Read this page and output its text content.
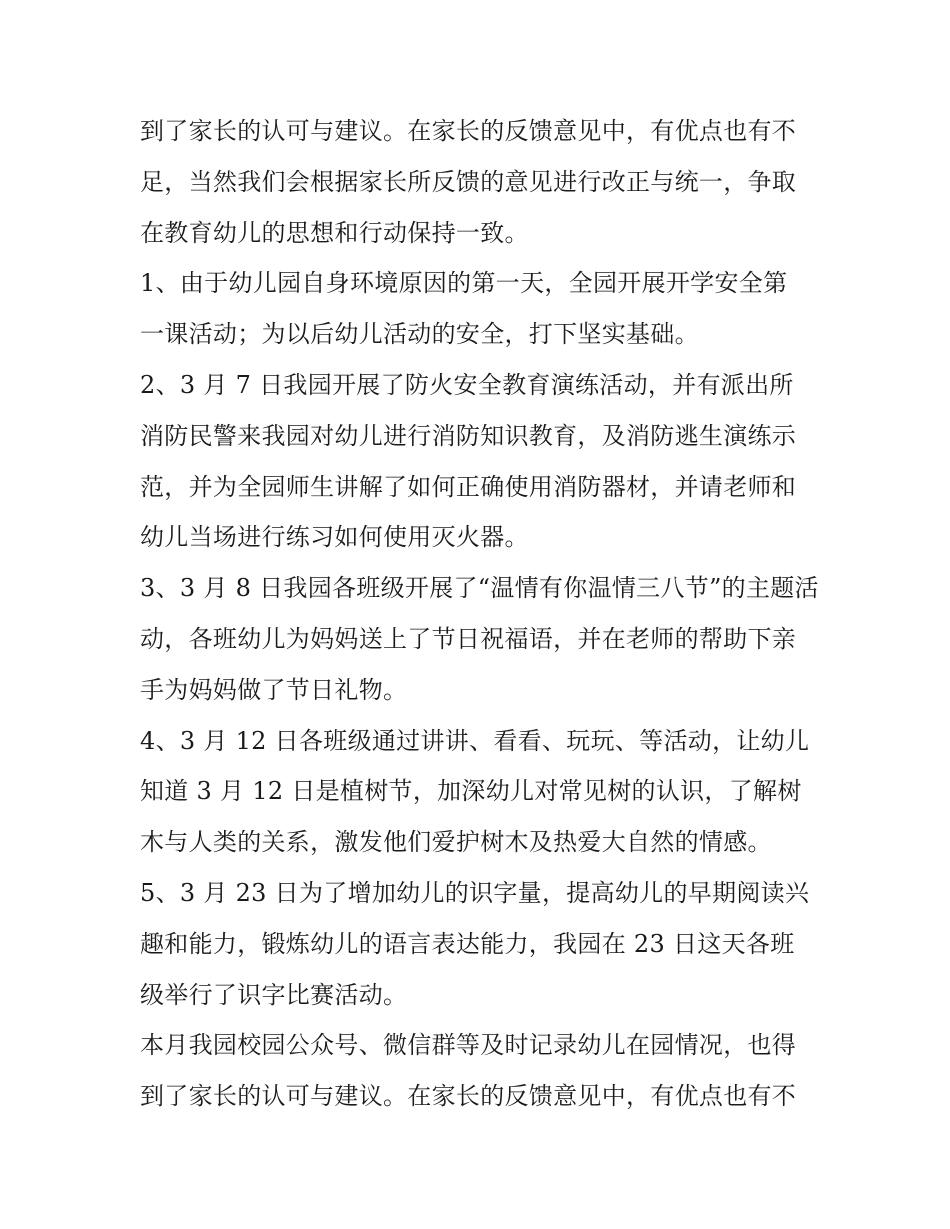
到了家长的认可与建议。在家长的反馈意见中，有优点也有不
足，当然我们会根据家长所反馈的意见进行改正与统一，争取
在教育幼儿的思想和行动保持一致。
1、由于幼儿园自身环境原因的第一天，全园开展开学安全第
一课活动；为以后幼儿活动的安全，打下坚实基础。
2、3 月 7 日我园开展了防火安全教育演练活动，并有派出所
消防民警来我园对幼儿进行消防知识教育，及消防逃生演练示
范，并为全园师生讲解了如何正确使用消防器材，并请老师和
幼儿当场进行练习如何使用灭火器。
3、3 月 8 日我园各班级开展了“温情有你温情三八节”的主题活
动，各班幼儿为妈妈送上了节日祝福语，并在老师的帮助下亲
手为妈妈做了节日礼物。
4、3 月 12 日各班级通过讲讲、看看、玩玩、等活动，让幼儿
知道 3 月 12 日是植树节，加深幼儿对常见树的认识，了解树
木与人类的关系，激发他们爱护树木及热爱大自然的情感。
5、3 月 23 日为了增加幼儿的识字量，提高幼儿的早期阅读兴
趣和能力，锻炼幼儿的语言表达能力，我园在 23 日这天各班
级举行了识字比赛活动。
本月我园校园公众号、微信群等及时记录幼儿在园情况，也得
到了家长的认可与建议。在家长的反馈意见中，有优点也有不
